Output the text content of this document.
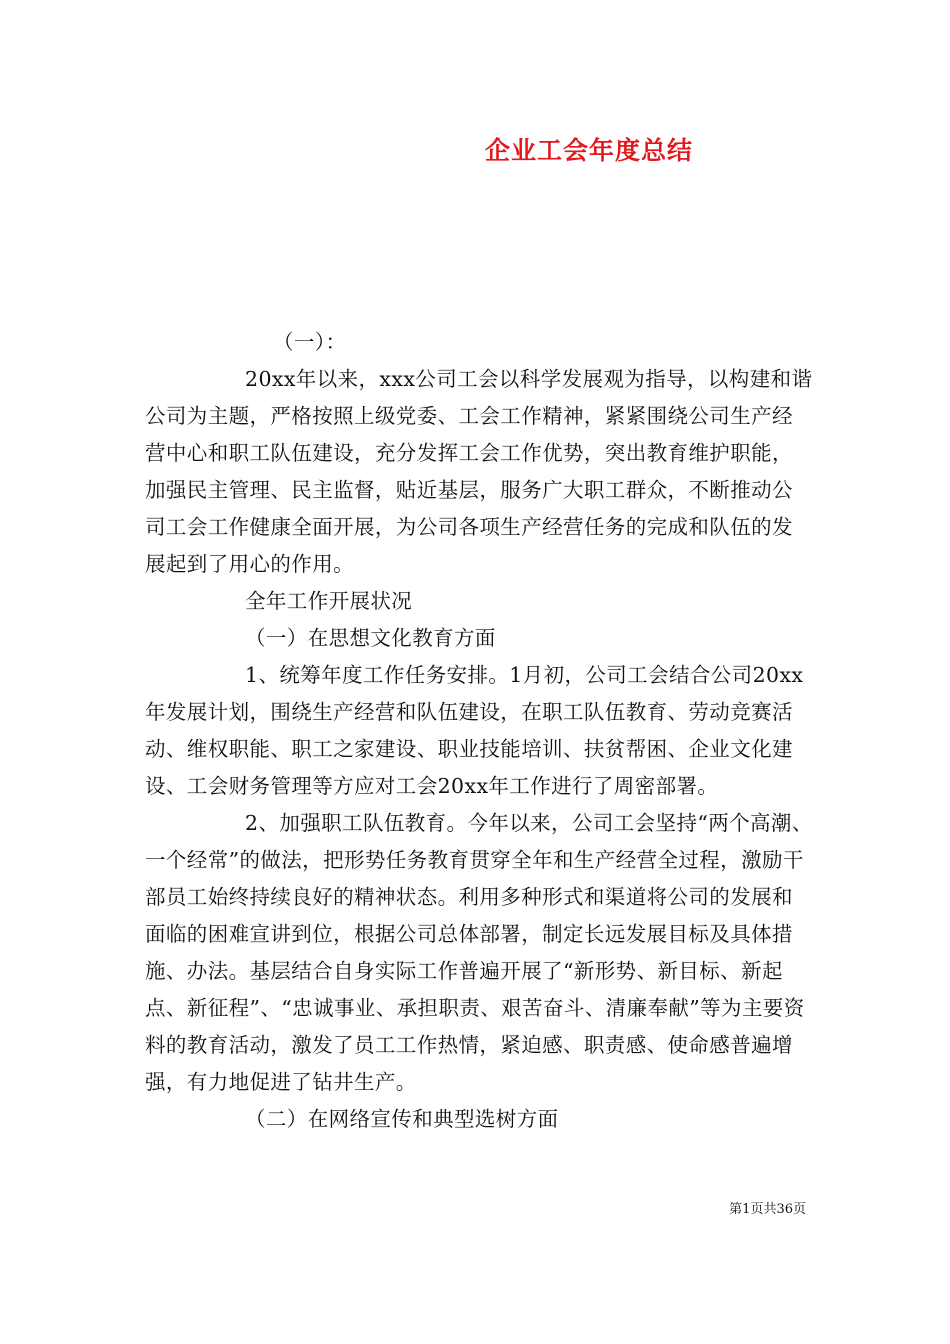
企业工会年度总结

（一）：

20xx年以来，xxx公司工会以科学发展观为指导，以构建和谐公司为主题，严格按照上级党委、工会工作精神，紧紧围绕公司生产经营中心和职工队伍建设，充分发挥工会工作优势，突出教育维护职能，加强民主管理、民主监督，贴近基层，服务广大职工群众，不断推动公司工会工作健康全面开展，为公司各项生产经营任务的完成和队伍的发展起到了用心的作用。

全年工作开展状况

（一）在思想文化教育方面

1、统筹年度工作任务安排。1月初，公司工会结合公司20xx年发展计划，围绕生产经营和队伍建设，在职工队伍教育、劳动竞赛活动、维权职能、职工之家建设、职业技能培训、扶贫帮困、企业文化建设、工会财务管理等方应对工会20xx年工作进行了周密部署。

2、加强职工队伍教育。今年以来，公司工会坚持“两个高潮、一个经常”的做法，把形势任务教育贯穿全年和生产经营全过程，激励干部员工始终持续良好的精神状态。利用多种形式和渠道将公司的发展和面临的困难宣讲到位，根据公司总体部署，制定长远发展目标及具体措施、办法。基层结合自身实际工作普遍开展了“新形势、新目标、新起点、新征程”、“忠诚事业、承担职责、艰苦奋斗、清廉奉献”等为主要资料的教育活动，激发了员工工作热情，紧迫感、职责感、使命感普遍增强，有力地促进了钻井生产。

（二）在网络宣传和典型选树方面

第1页共36页
